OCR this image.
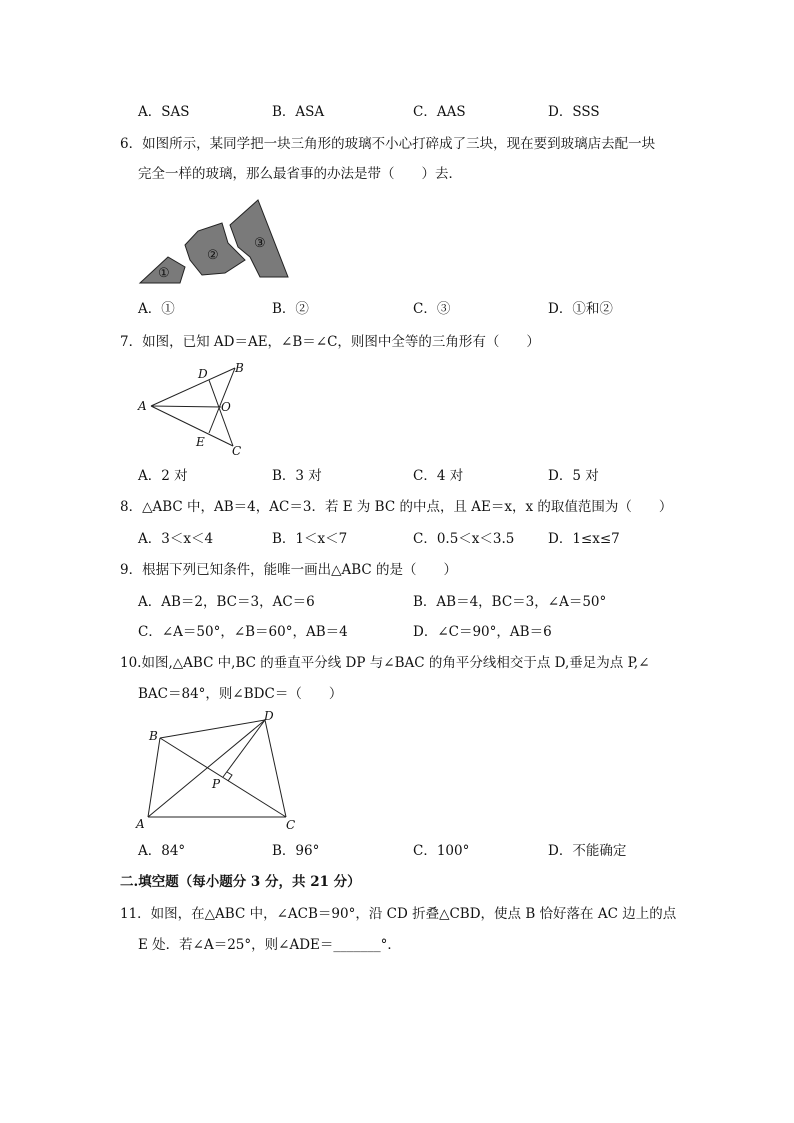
A．SAS	B．ASA	C．AAS	D．SSS
6．如图所示，某同学把一块三角形的玻璃不小心打碎成了三块，现在要到玻璃店去配一块
完全一样的玻璃，那么最省事的办法是带（　　）去．
①
②
③
A．①	B．②	C．③	D．①和②
7．如图，已知 AD＝AE，∠B＝∠C，则图中全等的三角形有（　　）
A
B
C
D
E
O
A．2 对	B．3 对	C．4 对	D．5 对
8．△ABC 中，AB＝4，AC＝3．若 E 为 BC 的中点，且 AE＝x，x 的取值范围为（　　）
A．3＜x＜4	B．1＜x＜7	C．0.5＜x＜3.5 D．1≤x≤7
9．根据下列已知条件，能唯一画出△ABC 的是（　　）
A．AB＝2，BC＝3，AC＝6	B．AB＝4，BC＝3，∠A＝50°
C．∠A＝50°，∠B＝60°，AB＝4	D．∠C＝90°，AB＝6
10.如图,△ABC 中,BC 的垂直平分线 DP 与∠BAC 的角平分线相交于点 D,垂足为点 P,∠
BAC＝84°，则∠BDC＝（　　）
B
A	C
D
P
A．84°	B．96°	C．100°	D．不能确定
二.填空题（每小题分 3 分，共 21 分）
11．如图，在△ABC 中，∠ACB＝90°，沿 CD 折叠△CBD，使点 B 恰好落在 AC 边上的点
E 处．若∠A＝25°，则∠ADE＝_______°．
